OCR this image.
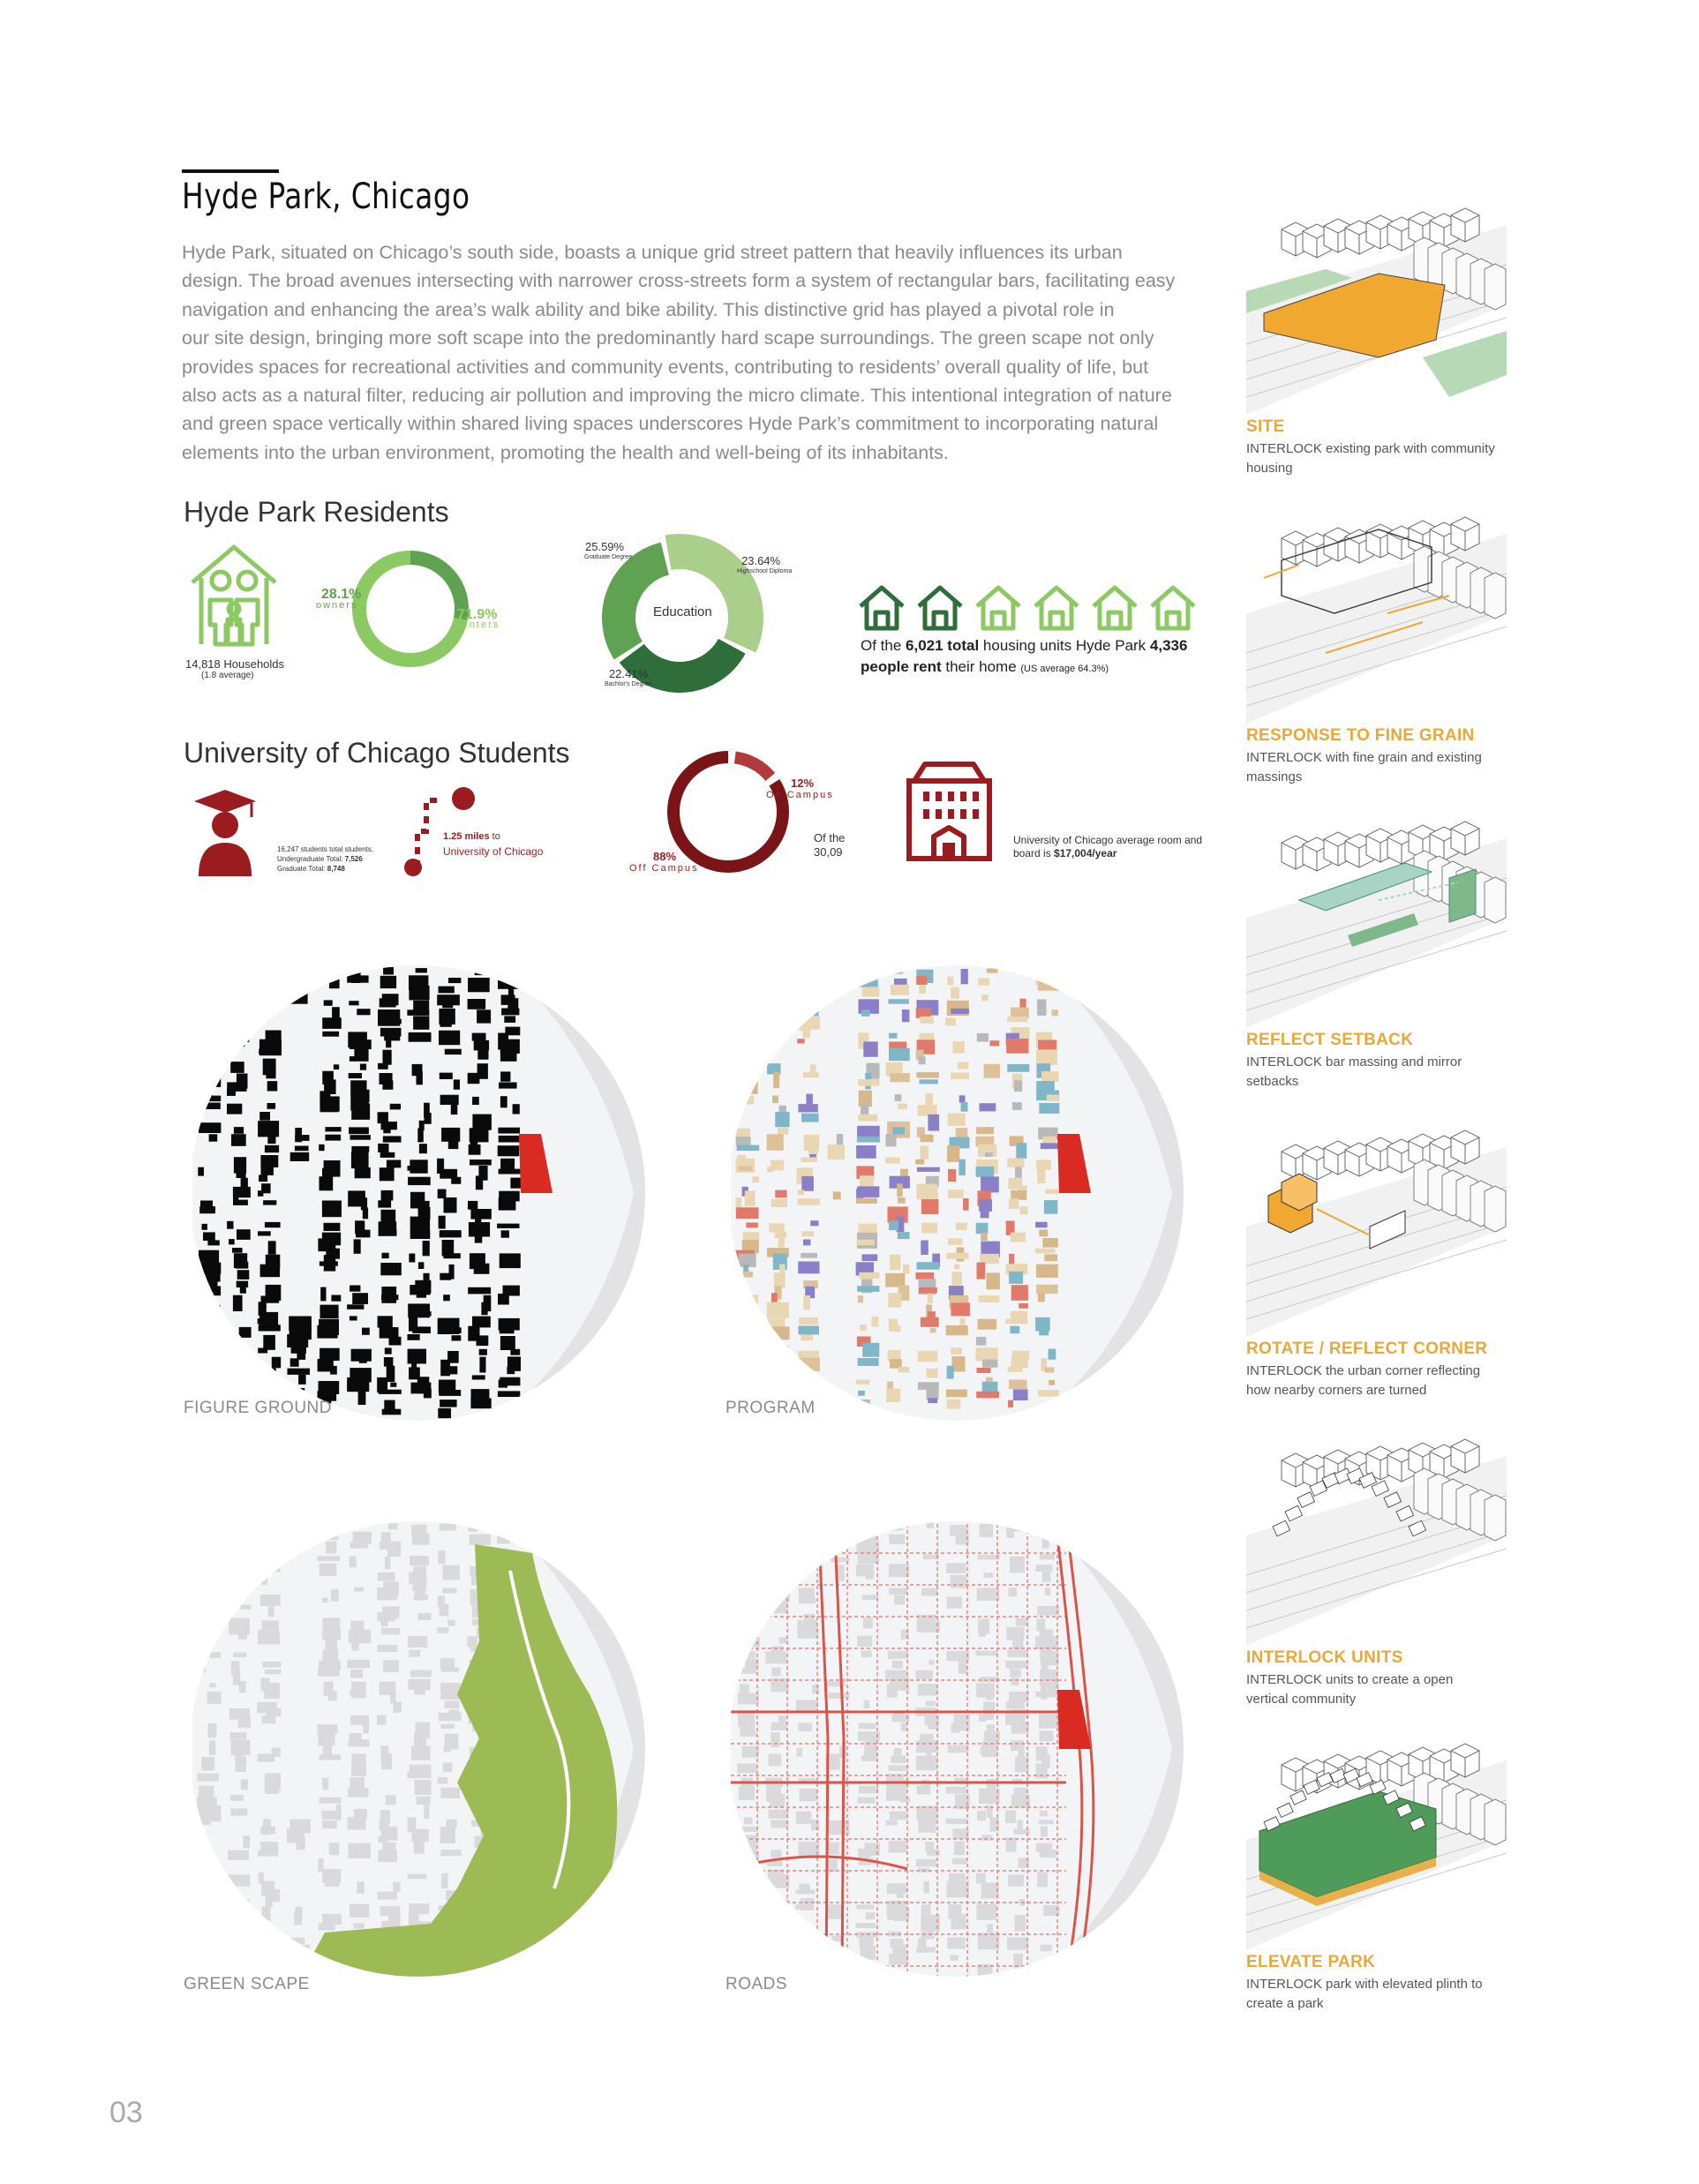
Hyde Park, Chicago
Hyde Park, situated on Chicago’s south side, boasts a unique grid street pattern that heavily influences its urban
design. The broad avenues intersecting with narrower cross-streets form a system of rectangular bars, facilitating easy
navigation and enhancing the area’s walk ability and bike ability. This distinctive grid has played a pivotal role in
our site design, bringing more soft scape into the predominantly hard scape surroundings. The green scape not only
provides spaces for recreational activities and community events, contributing to residents’ overall quality of life, but
also acts as a natural filter, reducing air pollution and improving the micro climate. This intentional integration of nature
and green space vertically within shared living spaces underscores Hyde Park’s commitment to incorporating natural
elements into the urban environment, promoting the health and well-being of its inhabitants.
Hyde Park Residents
14,818 Households
(1.8 average)
28.1%
owners
71.9%
renters
Education
25.59%
Graduate Degree	23.64%
Highschool Diploma
22.41%
Bachlor's Degree
Of the 6,021 total housing units Hyde Park 4,336
people rent their home (US average 64.3%)
University of Chicago Students
16,247 students total students,
Undergraduate Total: 7,526
Graduate Total: 8,748
1.25 miles to
University of Chicago
12%
On Campus
88%
Off Campus
Of the
30,09
University of Chicago average room and
board is $17,004/year
FIGURE GROUND	PROGRAM
GREEN SCAPE	ROADS
SITE
INTERLOCK existing park with community
housing
RESPONSE TO FINE GRAIN
INTERLOCK with fine grain and existing
massings
REFLECT SETBACK
INTERLOCK bar massing and mirror
setbacks
ROTATE / REFLECT CORNER
INTERLOCK the urban corner reflecting
how nearby corners are turned
INTERLOCK UNITS
INTERLOCK units to create a open
vertical community
ELEVATE PARK
INTERLOCK park with elevated plinth to
create a park
03
